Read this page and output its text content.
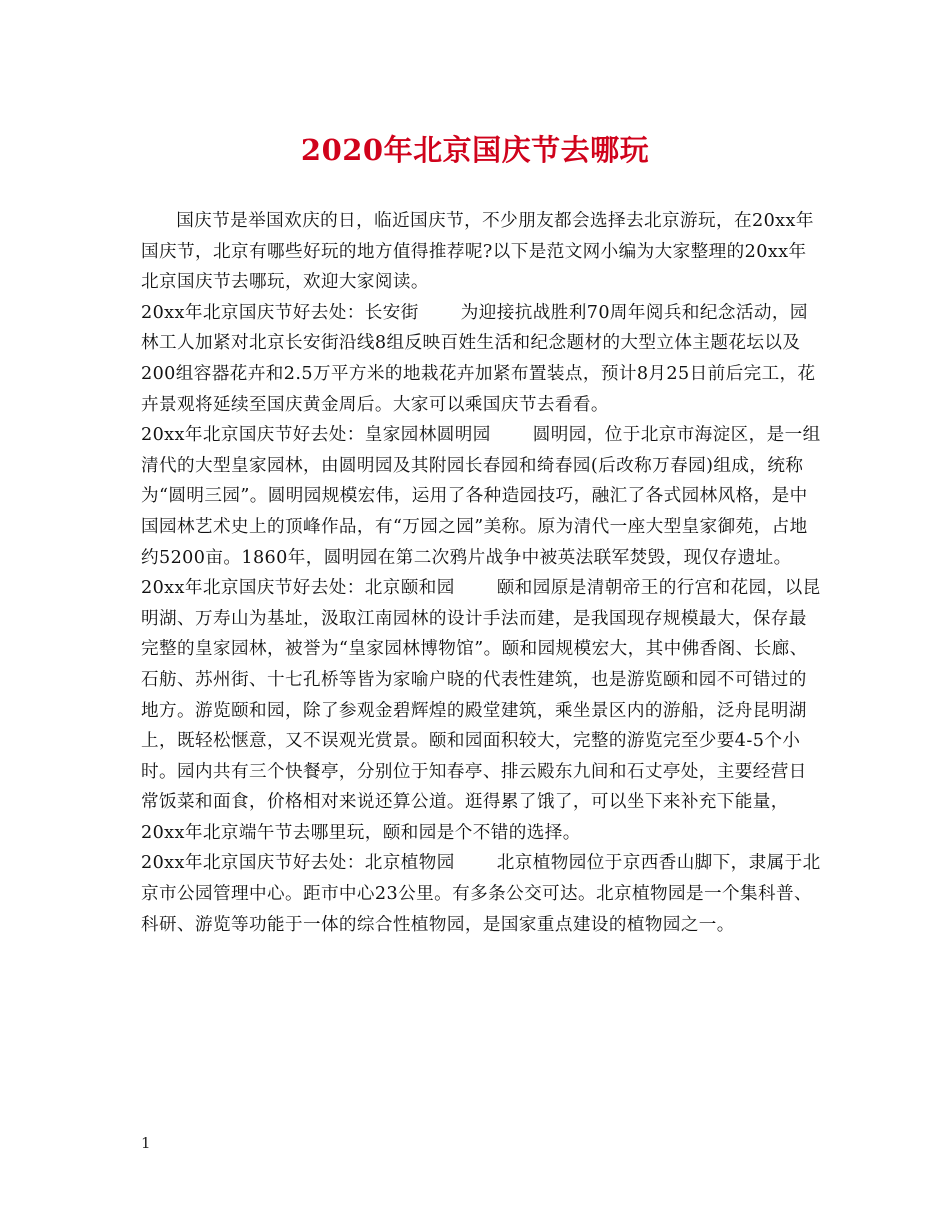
2020年北京国庆节去哪玩

国庆节是举国欢庆的日，临近国庆节，不少朋友都会选择去北京游玩，在20xx年国庆节，北京有哪些好玩的地方值得推荐呢?以下是范文网小编为大家整理的20xx年北京国庆节去哪玩，欢迎大家阅读。

20xx年北京国庆节好去处：长安街 为迎接抗战胜利70周年阅兵和纪念活动，园林工人加紧对北京长安街沿线8组反映百姓生活和纪念题材的大型立体主题花坛以及200组容器花卉和2.5万平方米的地栽花卉加紧布置装点，预计8月25日前后完工，花卉景观将延续至国庆黄金周后。大家可以乘国庆节去看看。

20xx年北京国庆节好去处：皇家园林圆明园 圆明园，位于北京市海淀区，是一组清代的大型皇家园林，由圆明园及其附园长春园和绮春园(后改称万春园)组成，统称为“圆明三园”。圆明园规模宏伟，运用了各种造园技巧，融汇了各式园林风格，是中国园林艺术史上的顶峰作品，有“万园之园”美称。原为清代一座大型皇家御苑，占地约5200亩。1860年，圆明园在第二次鸦片战争中被英法联军焚毁，现仅存遗址。

20xx年北京国庆节好去处：北京颐和园 颐和园原是清朝帝王的行宫和花园，以昆明湖、万寿山为基址，汲取江南园林的设计手法而建，是我国现存规模最大，保存最完整的皇家园林，被誉为“皇家园林博物馆”。颐和园规模宏大，其中佛香阁、长廊、石舫、苏州街、十七孔桥等皆为家喻户晓的代表性建筑，也是游览颐和园不可错过的地方。游览颐和园，除了参观金碧辉煌的殿堂建筑，乘坐景区内的游船，泛舟昆明湖上，既轻松惬意，又不误观光赏景。颐和园面积较大，完整的游览完至少要4-5个小时。园内共有三个快餐亭，分别位于知春亭、排云殿东九间和石丈亭处，主要经营日常饭菜和面食，价格相对来说还算公道。逛得累了饿了，可以坐下来补充下能量，20xx年北京端午节去哪里玩，颐和园是个不错的选择。

20xx年北京国庆节好去处：北京植物园 北京植物园位于京西香山脚下，隶属于北京市公园管理中心。距市中心23公里。有多条公交可达。北京植物园是一个集科普、科研、游览等功能于一体的综合性植物园，是国家重点建设的植物园之一。

1
